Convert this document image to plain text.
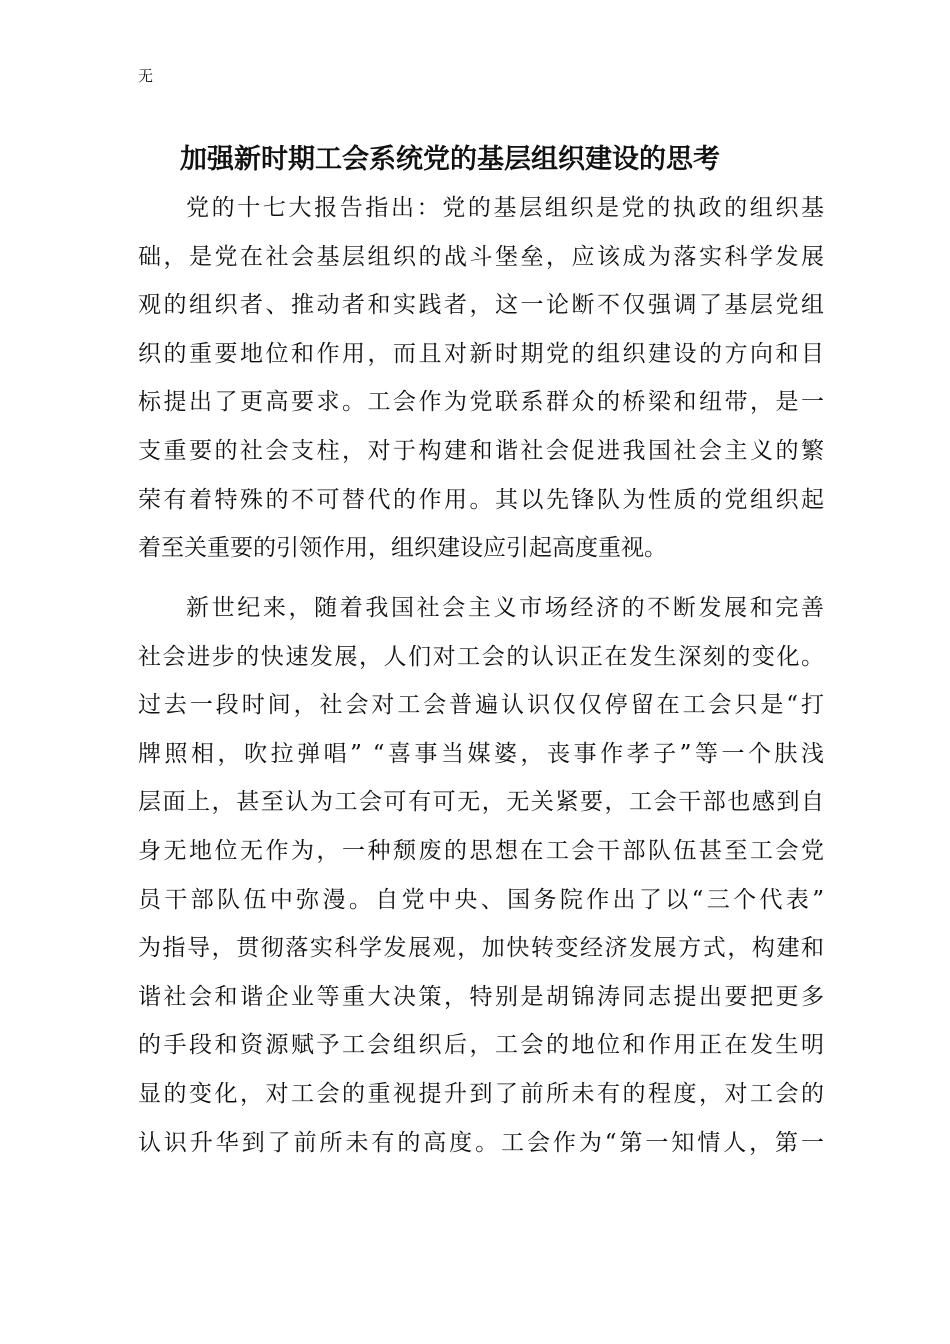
无
加强新时期工会系统党的基层组织建设的思考
党的十七大报告指出：党的基层组织是党的执政的组织基
础，是党在社会基层组织的战斗堡垒，应该成为落实科学发展
观的组织者、推动者和实践者，这一论断不仅强调了基层党组
织的重要地位和作用，而且对新时期党的组织建设的方向和目
标提出了更高要求。工会作为党联系群众的桥梁和纽带，是一
支重要的社会支柱，对于构建和谐社会促进我国社会主义的繁
荣有着特殊的不可替代的作用。其以先锋队为性质的党组织起
着至关重要的引领作用，组织建设应引起高度重视。
新世纪来，随着我国社会主义市场经济的不断发展和完善
社会进步的快速发展，人们对工会的认识正在发生深刻的变化。
过去一段时间，社会对工会普遍认识仅仅停留在工会只是“打
牌照相，吹拉弹唱” “喜事当媒婆，丧事作孝子”等一个肤浅
层面上，甚至认为工会可有可无，无关紧要，工会干部也感到自
身无地位无作为，一种颓废的思想在工会干部队伍甚至工会党
员干部队伍中弥漫。自党中央、国务院作出了以“三个代表”
为指导，贯彻落实科学发展观，加快转变经济发展方式，构建和
谐社会和谐企业等重大决策，特别是胡锦涛同志提出要把更多
的手段和资源赋予工会组织后，工会的地位和作用正在发生明
显的变化，对工会的重视提升到了前所未有的程度，对工会的
认识升华到了前所未有的高度。工会作为“第一知情人，第一
